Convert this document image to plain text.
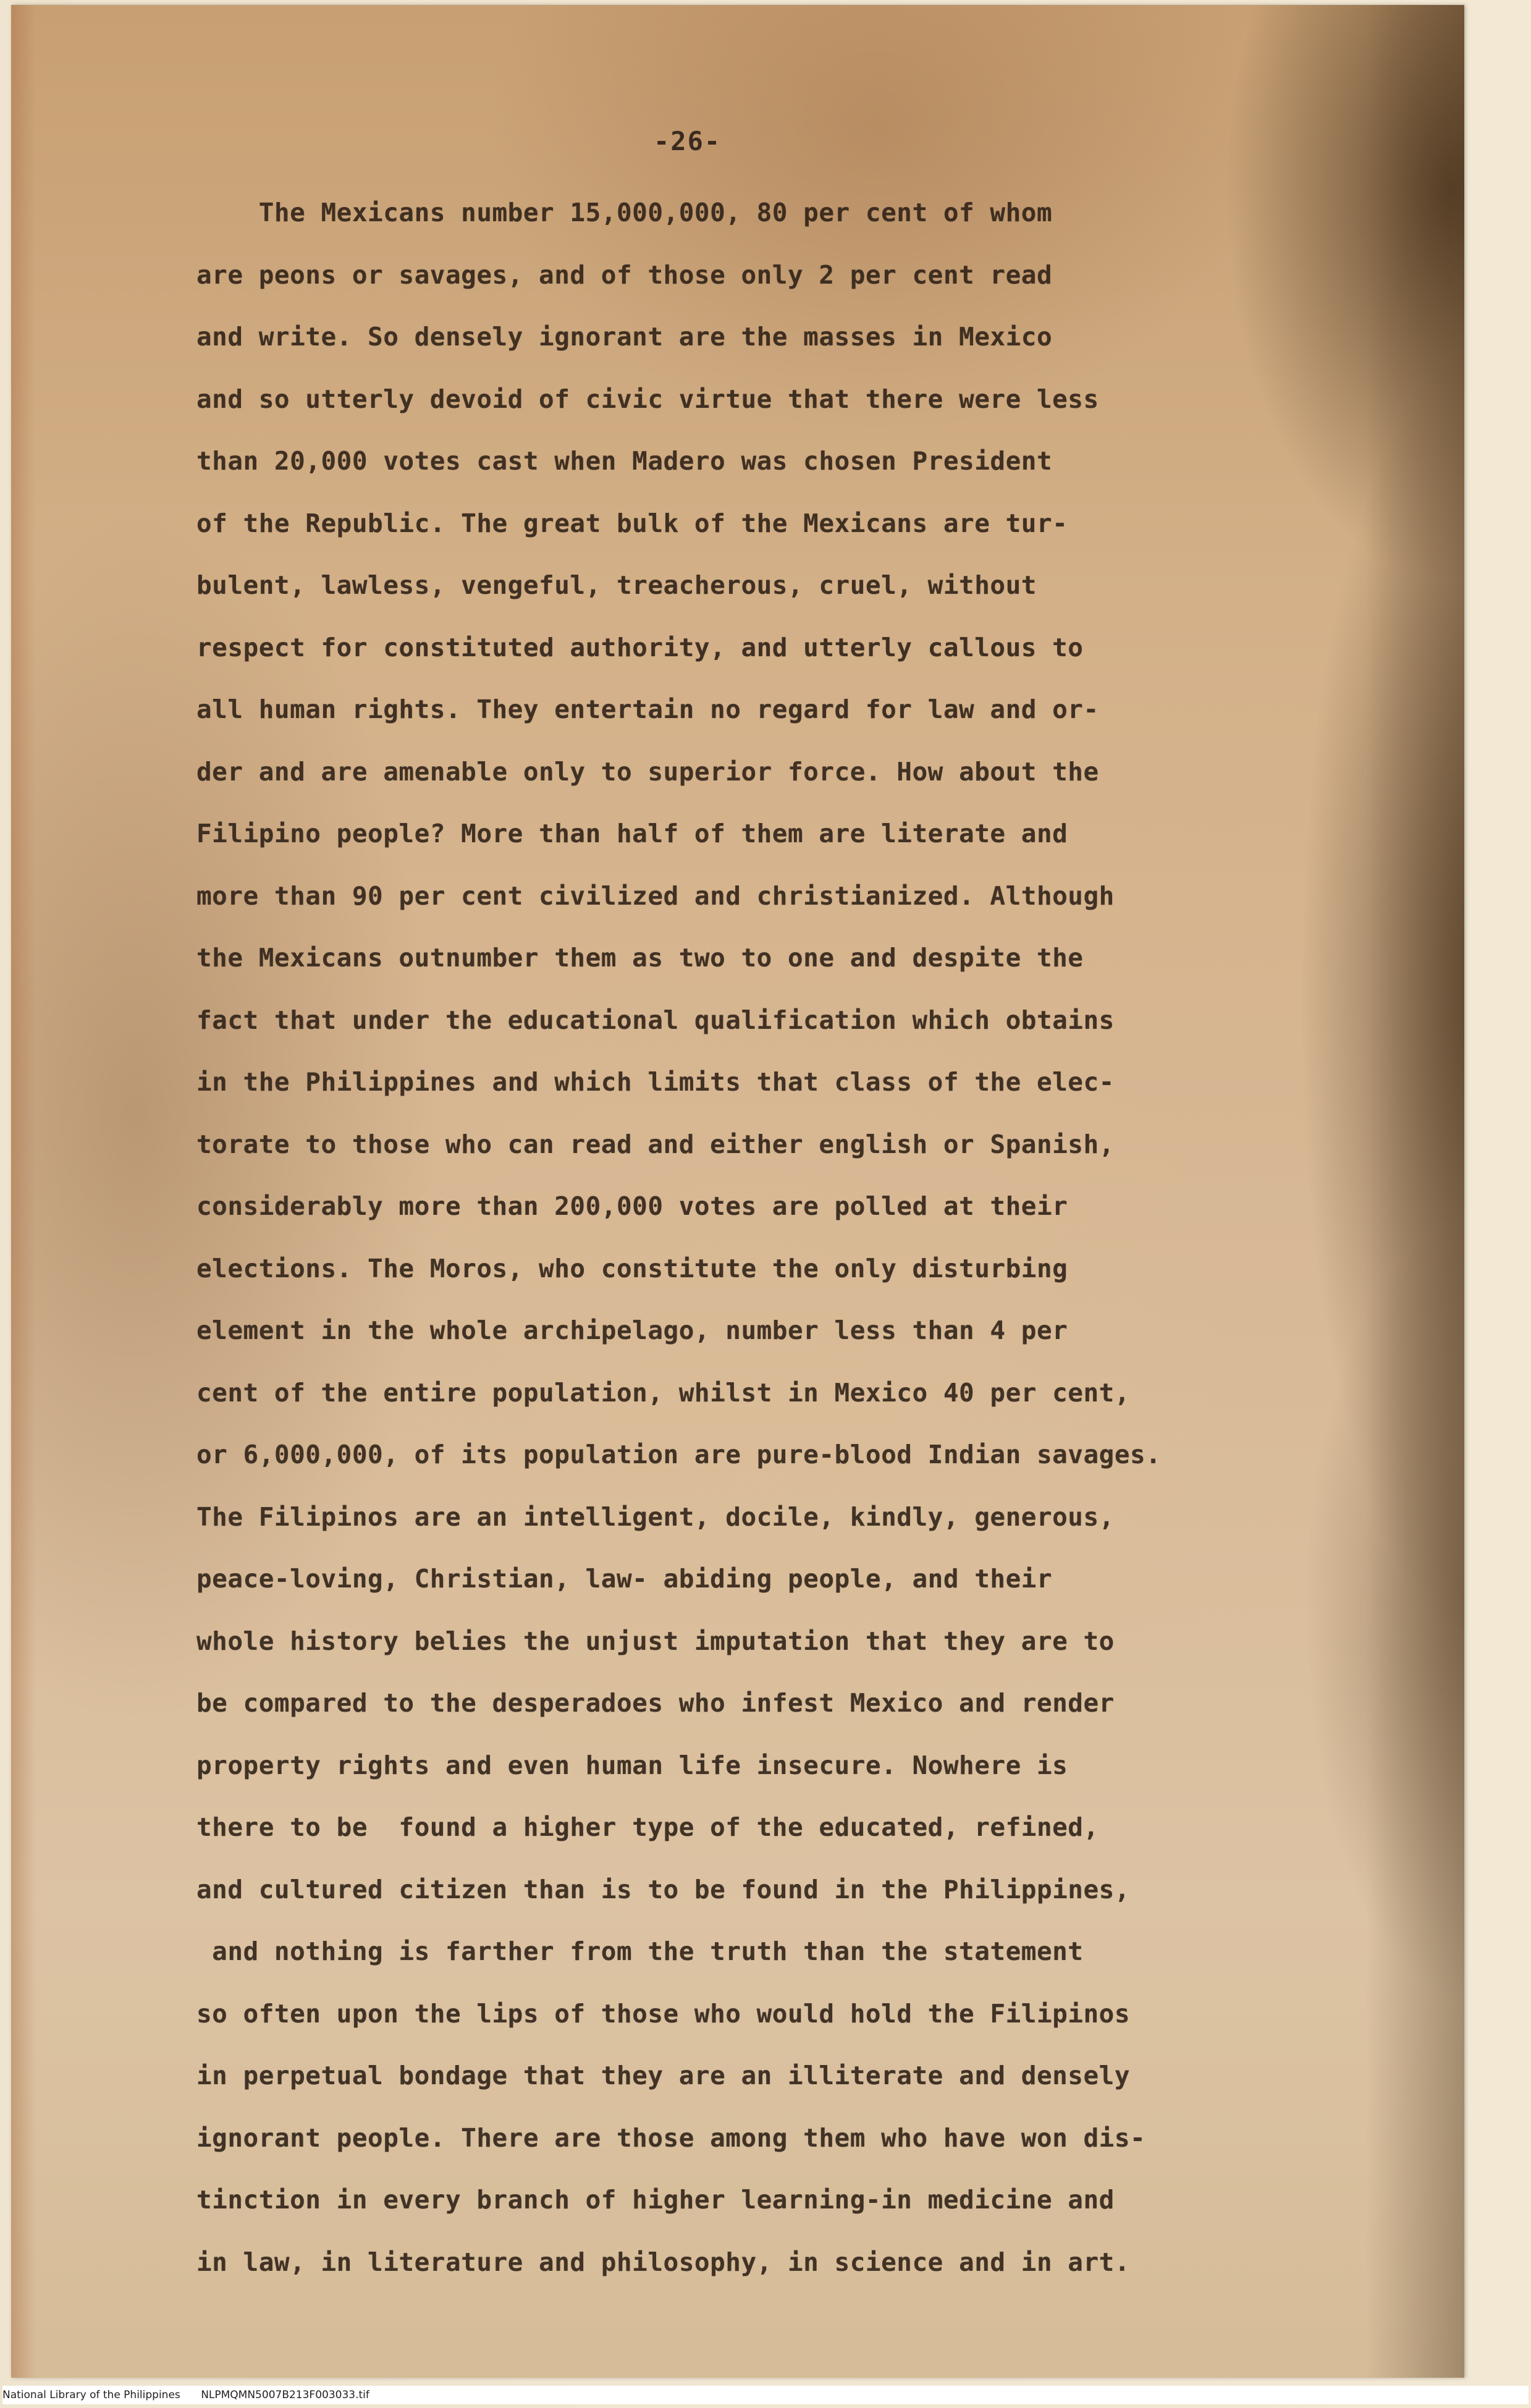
-26-
The Mexicans number 15,000,000, 80 per cent of whom
are peons or savages, and of those only 2 per cent read
and write. So densely ignorant are the masses in Mexico
and so utterly devoid of civic virtue that there were less
than 20,000 votes cast when Madero was chosen President
of the Republic. The great bulk of the Mexicans are tur-
bulent, lawless, vengeful, treacherous, cruel, without
respect for constituted authority, and utterly callous to
all human rights. They entertain no regard for law and or-
der and are amenable only to superior force. How about the
Filipino people? More than half of them are literate and
more than 90 per cent civilized and christianized. Although
the Mexicans outnumber them as two to one and despite the
fact that under the educational qualification which obtains
in the Philippines and which limits that class of the elec-
torate to those who can read and either english or Spanish,
considerably more than 200,000 votes are polled at their
elections. The Moros, who constitute the only disturbing
element in the whole archipelago, number less than 4 per
cent of the entire population, whilst in Mexico 40 per cent,
or 6,000,000, of its population are pure-blood Indian savages.
The Filipinos are an intelligent, docile, kindly, generous,
peace-loving, Christian, law- abiding people, and their
whole history belies the unjust imputation that they are to
be compared to the desperadoes who infest Mexico and render
property rights and even human life insecure. Nowhere is
there to be  found a higher type of the educated, refined,
and cultured citizen than is to be found in the Philippines,
and nothing is farther from the truth than the statement
so often upon the lips of those who would hold the Filipinos
in perpetual bondage that they are an illiterate and densely
ignorant people. There are those among them who have won dis-
tinction in every branch of higher learning-in medicine and
in law, in literature and philosophy, in science and in art.
National Library of the Philippines NLPMQMN5007B213F003033.tif
